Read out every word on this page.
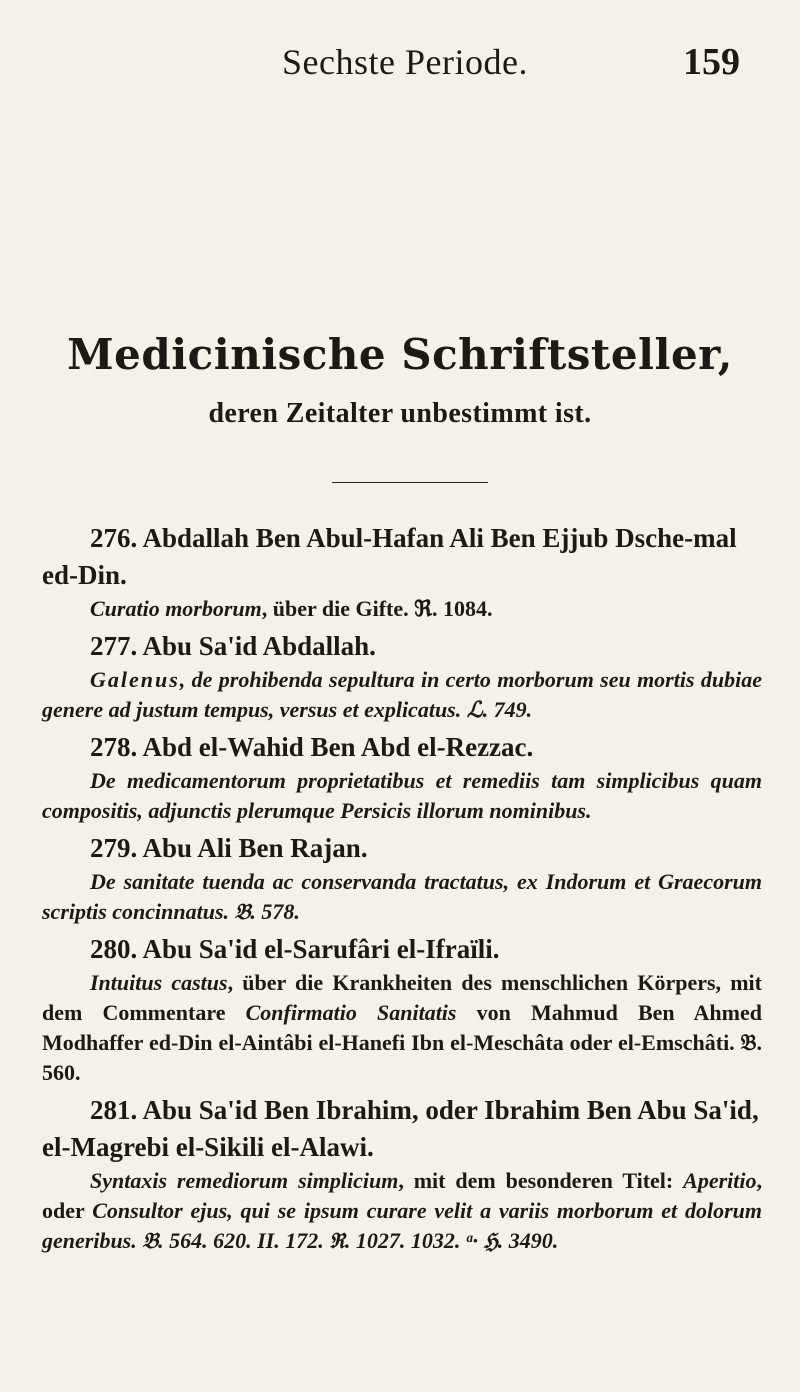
Sechste Periode.	159
Medicinische Schriftsteller,
deren Zeitalter unbestimmt ist.
276. Abdallah Ben Abul-Hafan Ali Ben Ejjub Dsche-mal ed-Din.
Curatio morborum, über die Gifte. ℜ. 1084.
277. Abu Sa'id Abdallah.
Galenus, de prohibenda sepultura in certo morborum seu mortis dubiae genere ad justum tempus, versus et explicatus. ℒ. 749.
278. Abd el-Wahid Ben Abd el-Rezzac.
De medicamentorum proprietatibus et remediis tam simplicibus quam compositis, adjunctis plerumque Persicis illorum nominibus.
279. Abu Ali Ben Rajan.
De sanitate tuenda ac conservanda tractatus, ex Indorum et Graecorum scriptis concinnatus. 𝔅. 578.
280. Abu Sa'id el-Sarufâri el-Ifraïli.
Intuitus castus, über die Krankheiten des menschlichen Körpers, mit dem Commentare Confirmatio Sanitatis von Mahmud Ben Ahmed Modhaffer ed-Din el-Aintâbi el-Hanefi Ibn el-Meschâta oder el-Emschâti. 𝔅. 560.
281. Abu Sa'id Ben Ibrahim, oder Ibrahim Ben Abu Sa'id, el-Magrebi el-Sikili el-Alawi.
Syntaxis remediorum simplicium, mit dem besonderen Titel: Aperitio, oder Consultor ejus, qui se ipsum curare velit a variis morborum et dolorum generibus. 𝔅. 564. 620. II. 172. ℜ. 1027. 1032. ᵃ· ℌ. 3490.
